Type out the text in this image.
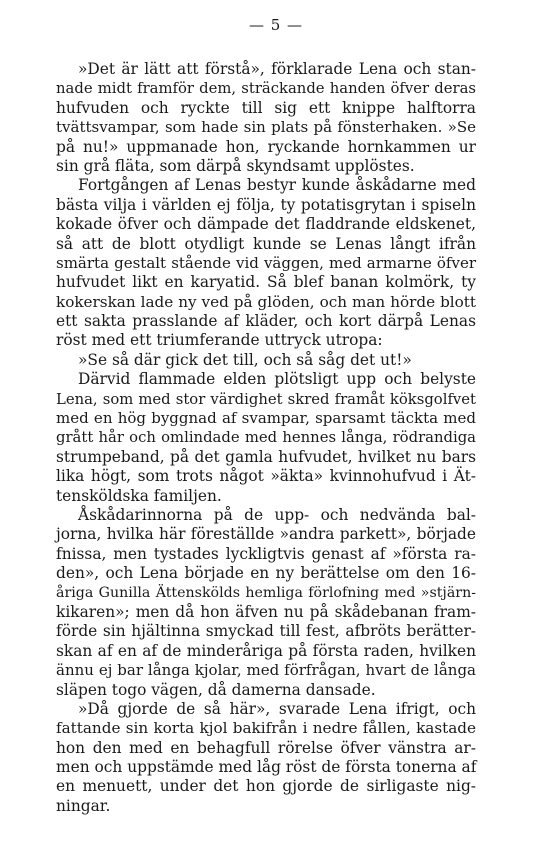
— 5 —
»Det är lätt att förstå», förklarade Lena och stan-
nade midt framför dem, sträckande handen öfver deras
hufvuden och ryckte till sig ett knippe halftorra
tvättsvampar, som hade sin plats på fönsterhaken. »Se
på nu!» uppmanade hon, ryckande hornkammen ur
sin grå fläta, som därpå skyndsamt upplöstes.
Fortgången af Lenas bestyr kunde åskådarne med
bästa vilja i världen ej följa, ty potatisgrytan i spiseln
kokade öfver och dämpade det fladdrande eldskenet,
så att de blott otydligt kunde se Lenas långt ifrån
smärta gestalt stående vid väggen, med armarne öfver
hufvudet likt en karyatid. Så blef banan kolmörk, ty
kokerskan lade ny ved på glöden, och man hörde blott
ett sakta prasslande af kläder, och kort därpå Lenas
röst med ett triumferande uttryck utropa:
»Se så där gick det till, och så såg det ut!»
Därvid flammade elden plötsligt upp och belyste
Lena, som med stor värdighet skred framåt köksgolfvet
med en hög byggnad af svampar, sparsamt täckta med
grått hår och omlindade med hennes långa, rödrandiga
strumpeband, på det gamla hufvudet, hvilket nu bars
lika högt, som trots något »äkta» kvinnohufvud i Ät-
tensköldska familjen.
Åskådarinnorna på de upp- och nedvända bal-
jorna, hvilka här föreställde »andra parkett», började
fnissa, men tystades lyckligtvis genast af »första ra-
den», och Lena började en ny berättelse om den 16-
åriga Gunilla Ättenskölds hemliga förlofning med »stjärn-
kikaren»; men då hon äfven nu på skådebanan fram-
förde sin hjältinna smyckad till fest, afbröts berätter-
skan af en af de minderåriga på första raden, hvilken
ännu ej bar långa kjolar, med förfrågan, hvart de långa
släpen togo vägen, då damerna dansade.
»Då gjorde de så här», svarade Lena ifrigt, och
fattande sin korta kjol bakifrån i nedre fållen, kastade
hon den med en behagfull rörelse öfver vänstra ar-
men och uppstämde med låg röst de första tonerna af
en menuett, under det hon gjorde de sirligaste nig-
ningar.
